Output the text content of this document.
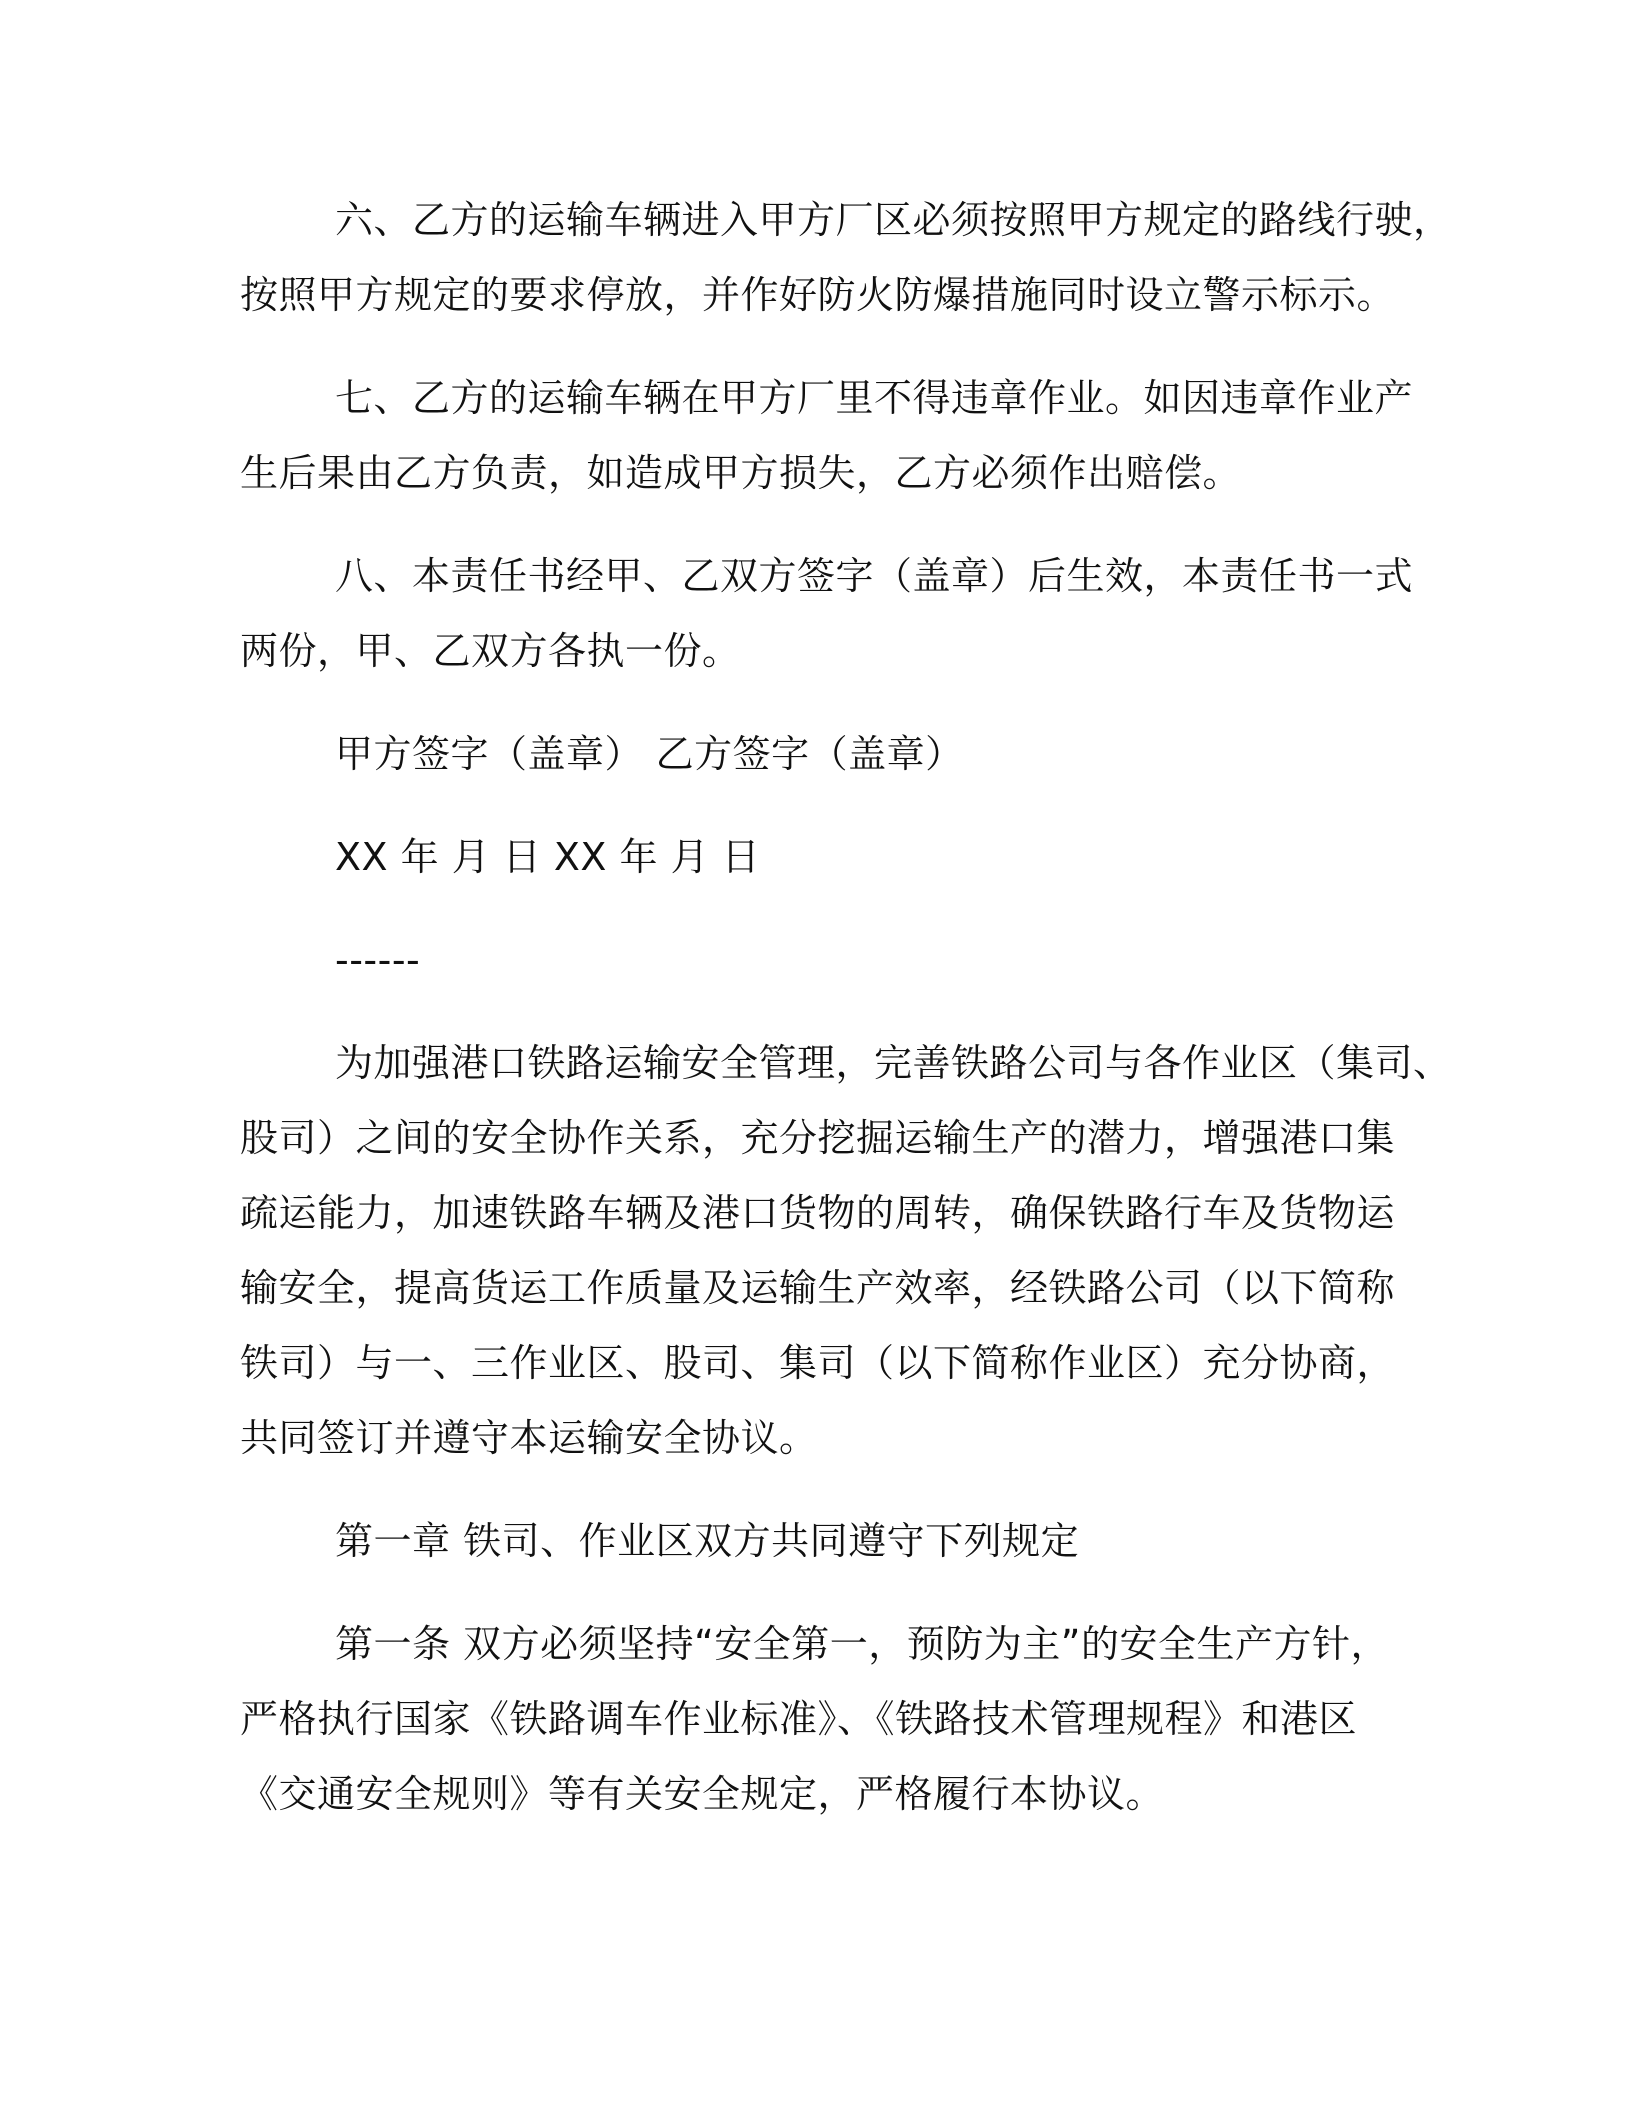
六、乙方的运输车辆进入甲方厂区必须按照甲方规定的路线行驶，
按照甲方规定的要求停放，并作好防火防爆措施同时设立警示标示。
七、乙方的运输车辆在甲方厂里不得违章作业。如因违章作业产
生后果由乙方负责，如造成甲方损失，乙方必须作出赔偿。
八、本责任书经甲、乙双方签字（盖章）后生效，本责任书一式
两份，甲、乙双方各执一份。
甲方签字（盖章） 乙方签字（盖章）
XX 年 月 日 XX 年 月 日
------
为加强港口铁路运输安全管理，完善铁路公司与各作业区（集司、
股司）之间的安全协作关系，充分挖掘运输生产的潜力，增强港口集
疏运能力，加速铁路车辆及港口货物的周转，确保铁路行车及货物运
输安全，提高货运工作质量及运输生产效率，经铁路公司（以下简称
铁司）与一、三作业区、股司、集司（以下简称作业区）充分协商，
共同签订并遵守本运输安全协议。
第一章 铁司、作业区双方共同遵守下列规定
第一条 双方必须坚持“安全第一，预防为主”的安全生产方针，
严格执行国家《铁路调车作业标准》、《铁路技术管理规程》和港区
《交通安全规则》等有关安全规定，严格履行本协议。
